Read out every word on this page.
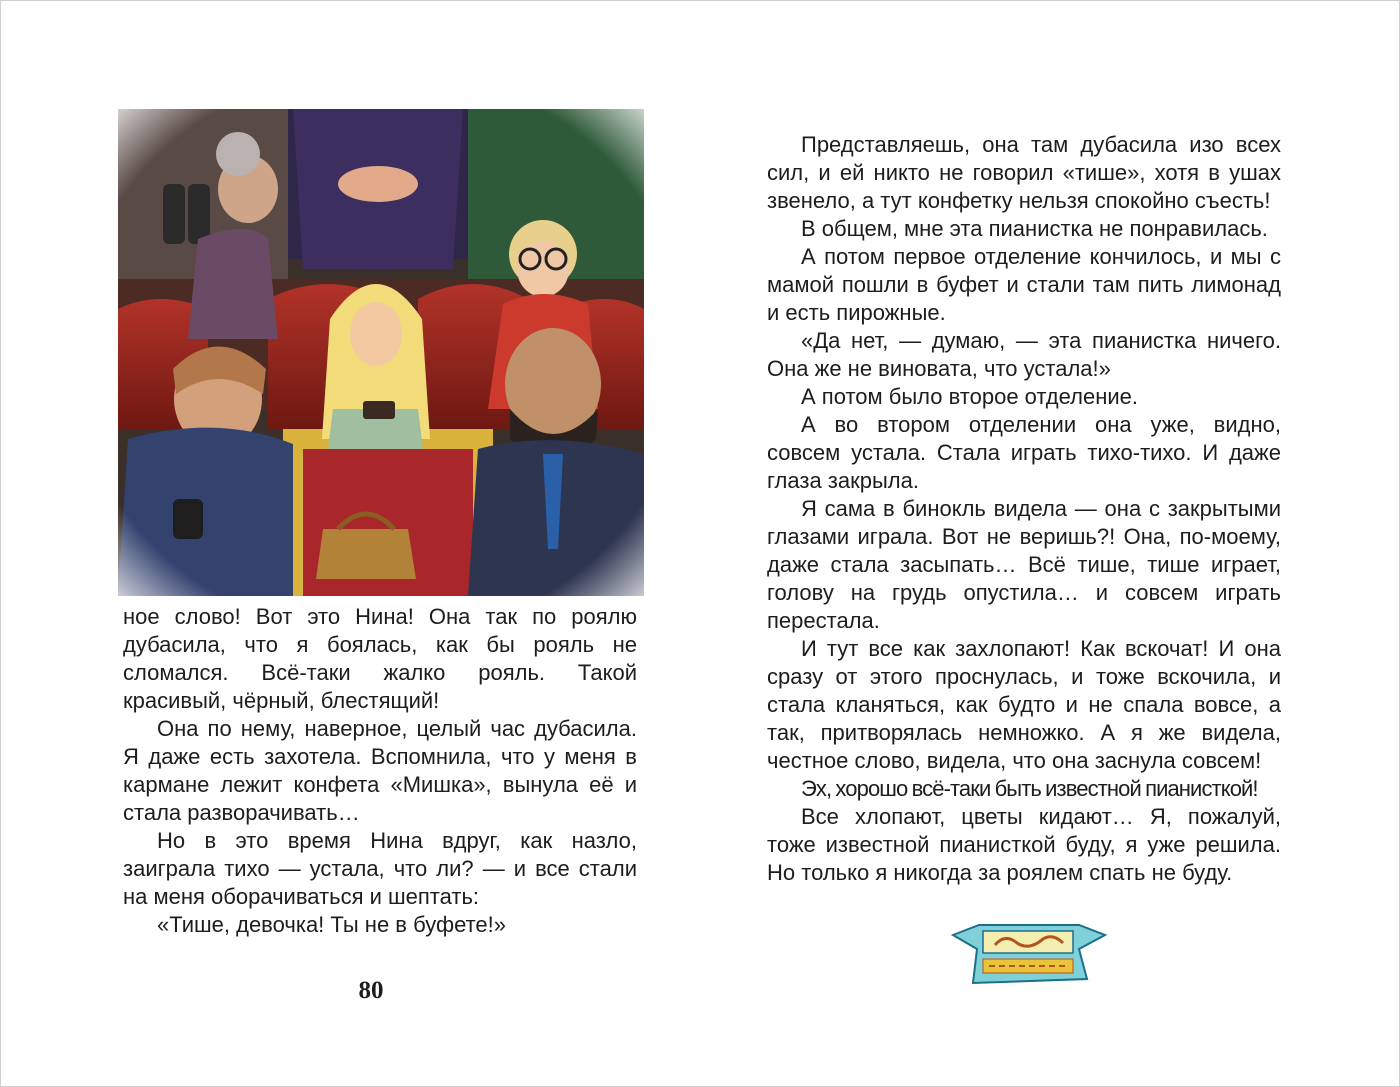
ное слово! Вот это Нина! Она так по роялю дубасила, что я боялась, как бы рояль не сломался. Всё-таки жалко рояль. Такой красивый, чёрный, блестящий!

Она по нему, наверное, целый час дубасила. Я даже есть захотела. Вспомнила, что у меня в кармане лежит конфета «Мишка», вынула её и стала разворачивать…

Но в это время Нина вдруг, как назло, заиграла тихо — устала, что ли? — и все стали на меня оборачиваться и шептать:

«Тише, девочка! Ты не в буфете!»

80

Представляешь, она там дубасила изо всех сил, и ей никто не говорил «тише», хотя в ушах звенело, а тут конфетку нельзя спокойно съесть!

В общем, мне эта пианистка не понравилась.

А потом первое отделение кончилось, и мы с мамой пошли в буфет и стали там пить лимонад и есть пирожные.

«Да нет, — думаю, — эта пианистка ничего. Она же не виновата, что устала!»

А потом было второе отделение.

А во втором отделении она уже, видно, совсем устала. Стала играть тихо-тихо. И даже глаза закрыла.

Я сама в бинокль видела — она с закрытыми глазами играла. Вот не веришь?! Она, по-моему, даже стала засыпать… Всё тише, тише играет, голову на грудь опустила… и совсем играть перестала.

И тут все как захлопают! Как вскочат! И она сразу от этого проснулась, и тоже вскочила, и стала кланяться, как будто и не спала вовсе, а так, притворялась немножко. А я же видела, честное слово, видела, что она заснула совсем!

Эх, хорошо всё-таки быть известной пианисткой!

Все хлопают, цветы кидают… Я, пожалуй, тоже известной пианисткой буду, я уже решила. Но только я никогда за роялем спать не буду.
